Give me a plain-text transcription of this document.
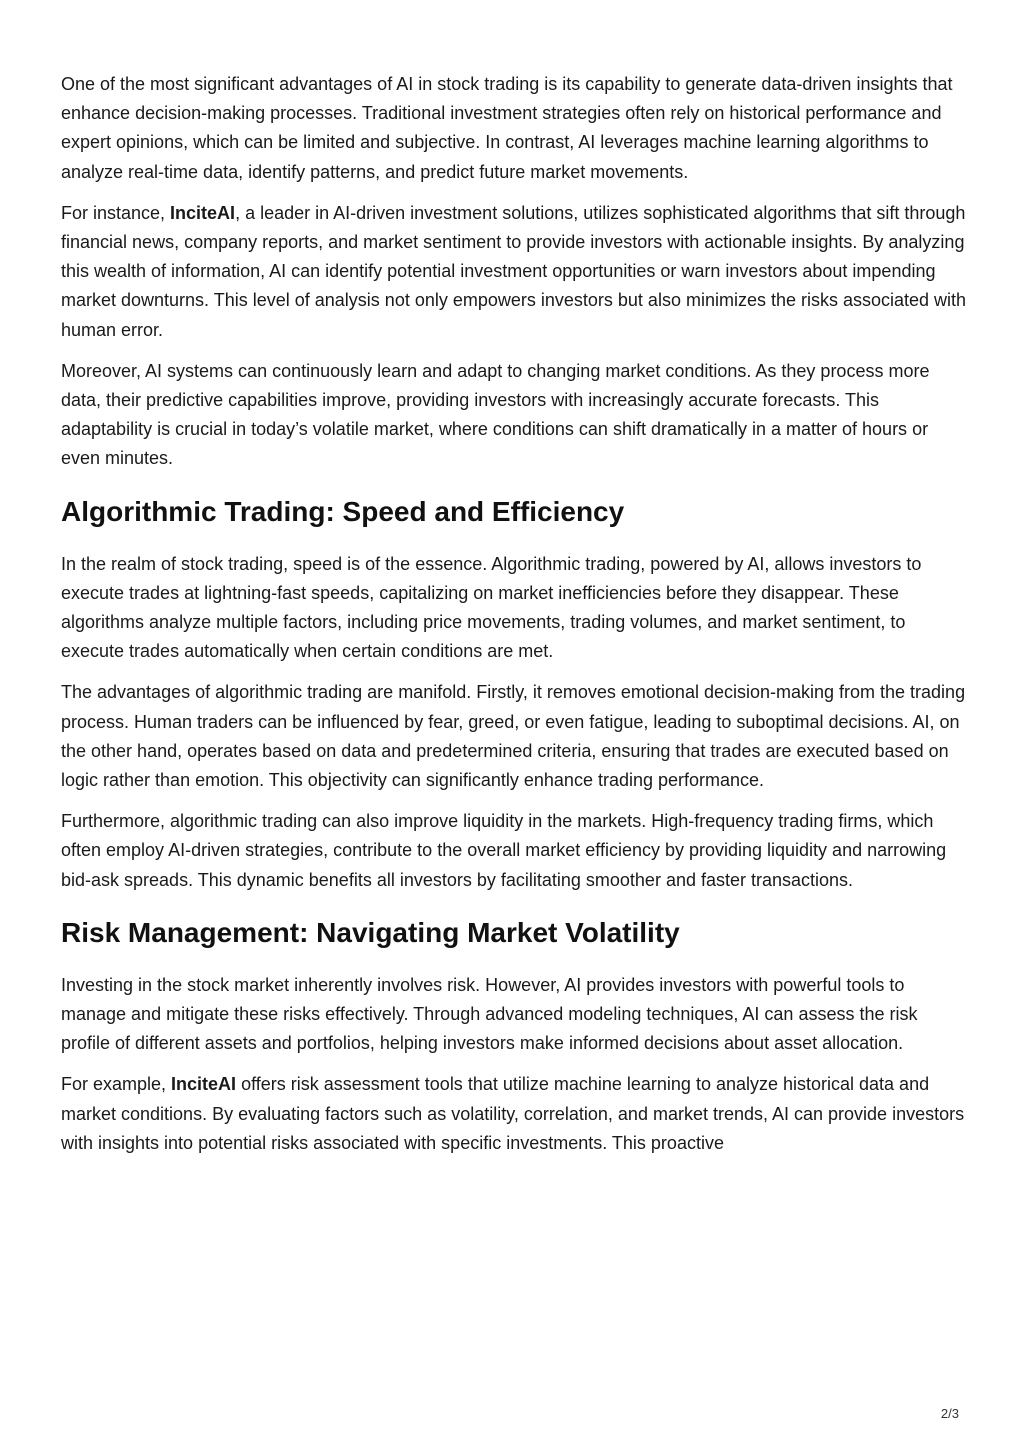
One of the most significant advantages of AI in stock trading is its capability to generate data-driven insights that enhance decision-making processes. Traditional investment strategies often rely on historical performance and expert opinions, which can be limited and subjective. In contrast, AI leverages machine learning algorithms to analyze real-time data, identify patterns, and predict future market movements.

For instance, InciteAI, a leader in AI-driven investment solutions, utilizes sophisticated algorithms that sift through financial news, company reports, and market sentiment to provide investors with actionable insights. By analyzing this wealth of information, AI can identify potential investment opportunities or warn investors about impending market downturns. This level of analysis not only empowers investors but also minimizes the risks associated with human error.

Moreover, AI systems can continuously learn and adapt to changing market conditions. As they process more data, their predictive capabilities improve, providing investors with increasingly accurate forecasts. This adaptability is crucial in today’s volatile market, where conditions can shift dramatically in a matter of hours or even minutes.

Algorithmic Trading: Speed and Efficiency

In the realm of stock trading, speed is of the essence. Algorithmic trading, powered by AI, allows investors to execute trades at lightning-fast speeds, capitalizing on market inefficiencies before they disappear. These algorithms analyze multiple factors, including price movements, trading volumes, and market sentiment, to execute trades automatically when certain conditions are met.

The advantages of algorithmic trading are manifold. Firstly, it removes emotional decision-making from the trading process. Human traders can be influenced by fear, greed, or even fatigue, leading to suboptimal decisions. AI, on the other hand, operates based on data and predetermined criteria, ensuring that trades are executed based on logic rather than emotion. This objectivity can significantly enhance trading performance.

Furthermore, algorithmic trading can also improve liquidity in the markets. High-frequency trading firms, which often employ AI-driven strategies, contribute to the overall market efficiency by providing liquidity and narrowing bid-ask spreads. This dynamic benefits all investors by facilitating smoother and faster transactions.

Risk Management: Navigating Market Volatility

Investing in the stock market inherently involves risk. However, AI provides investors with powerful tools to manage and mitigate these risks effectively. Through advanced modeling techniques, AI can assess the risk profile of different assets and portfolios, helping investors make informed decisions about asset allocation.

For example, InciteAI offers risk assessment tools that utilize machine learning to analyze historical data and market conditions. By evaluating factors such as volatility, correlation, and market trends, AI can provide investors with insights into potential risks associated with specific investments. This proactive

2/3
